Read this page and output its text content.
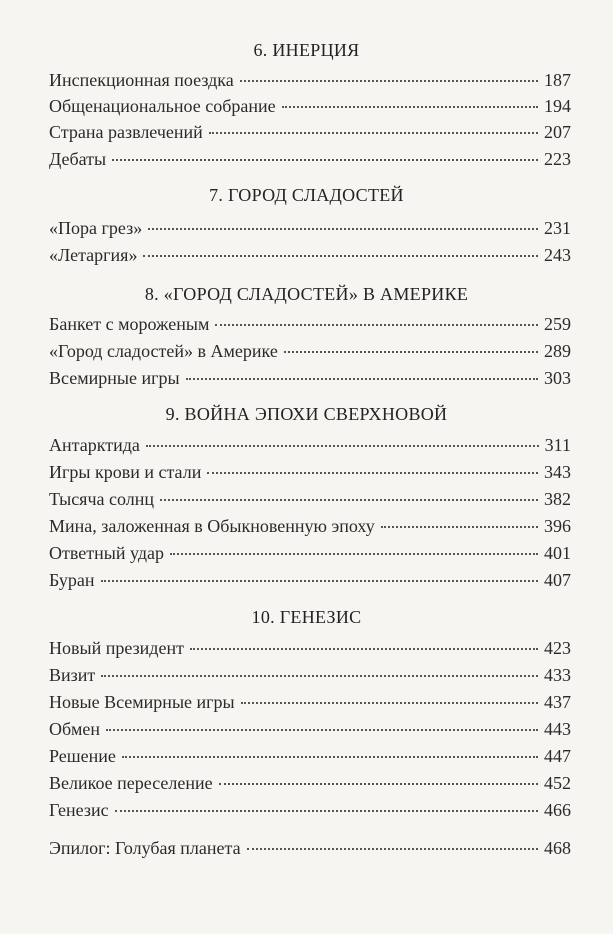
6. ИНЕРЦИЯ
Инспекционная поездка	187
Общенациональное собрание	194
Страна развлечений	207
Дебаты	223
7. ГОРОД СЛАДОСТЕЙ
«Пора грез»	231
«Летаргия»	243
8. «ГОРОД СЛАДОСТЕЙ» В АМЕРИКЕ
Банкет с мороженым	259
«Город сладостей» в Америке	289
Всемирные игры	303
9. ВОЙНА ЭПОХИ СВЕРХНОВОЙ
Антарктида	311
Игры крови и стали	343
Тысяча солнц	382
Мина, заложенная в Обыкновенную эпоху	396
Ответный удар	401
Буран	407
10. ГЕНЕЗИС
Новый президент	423
Визит	433
Новые Всемирные игры	437
Обмен	443
Решение	447
Великое переселение	452
Генезис	466
Эпилог: Голубая планета	468
